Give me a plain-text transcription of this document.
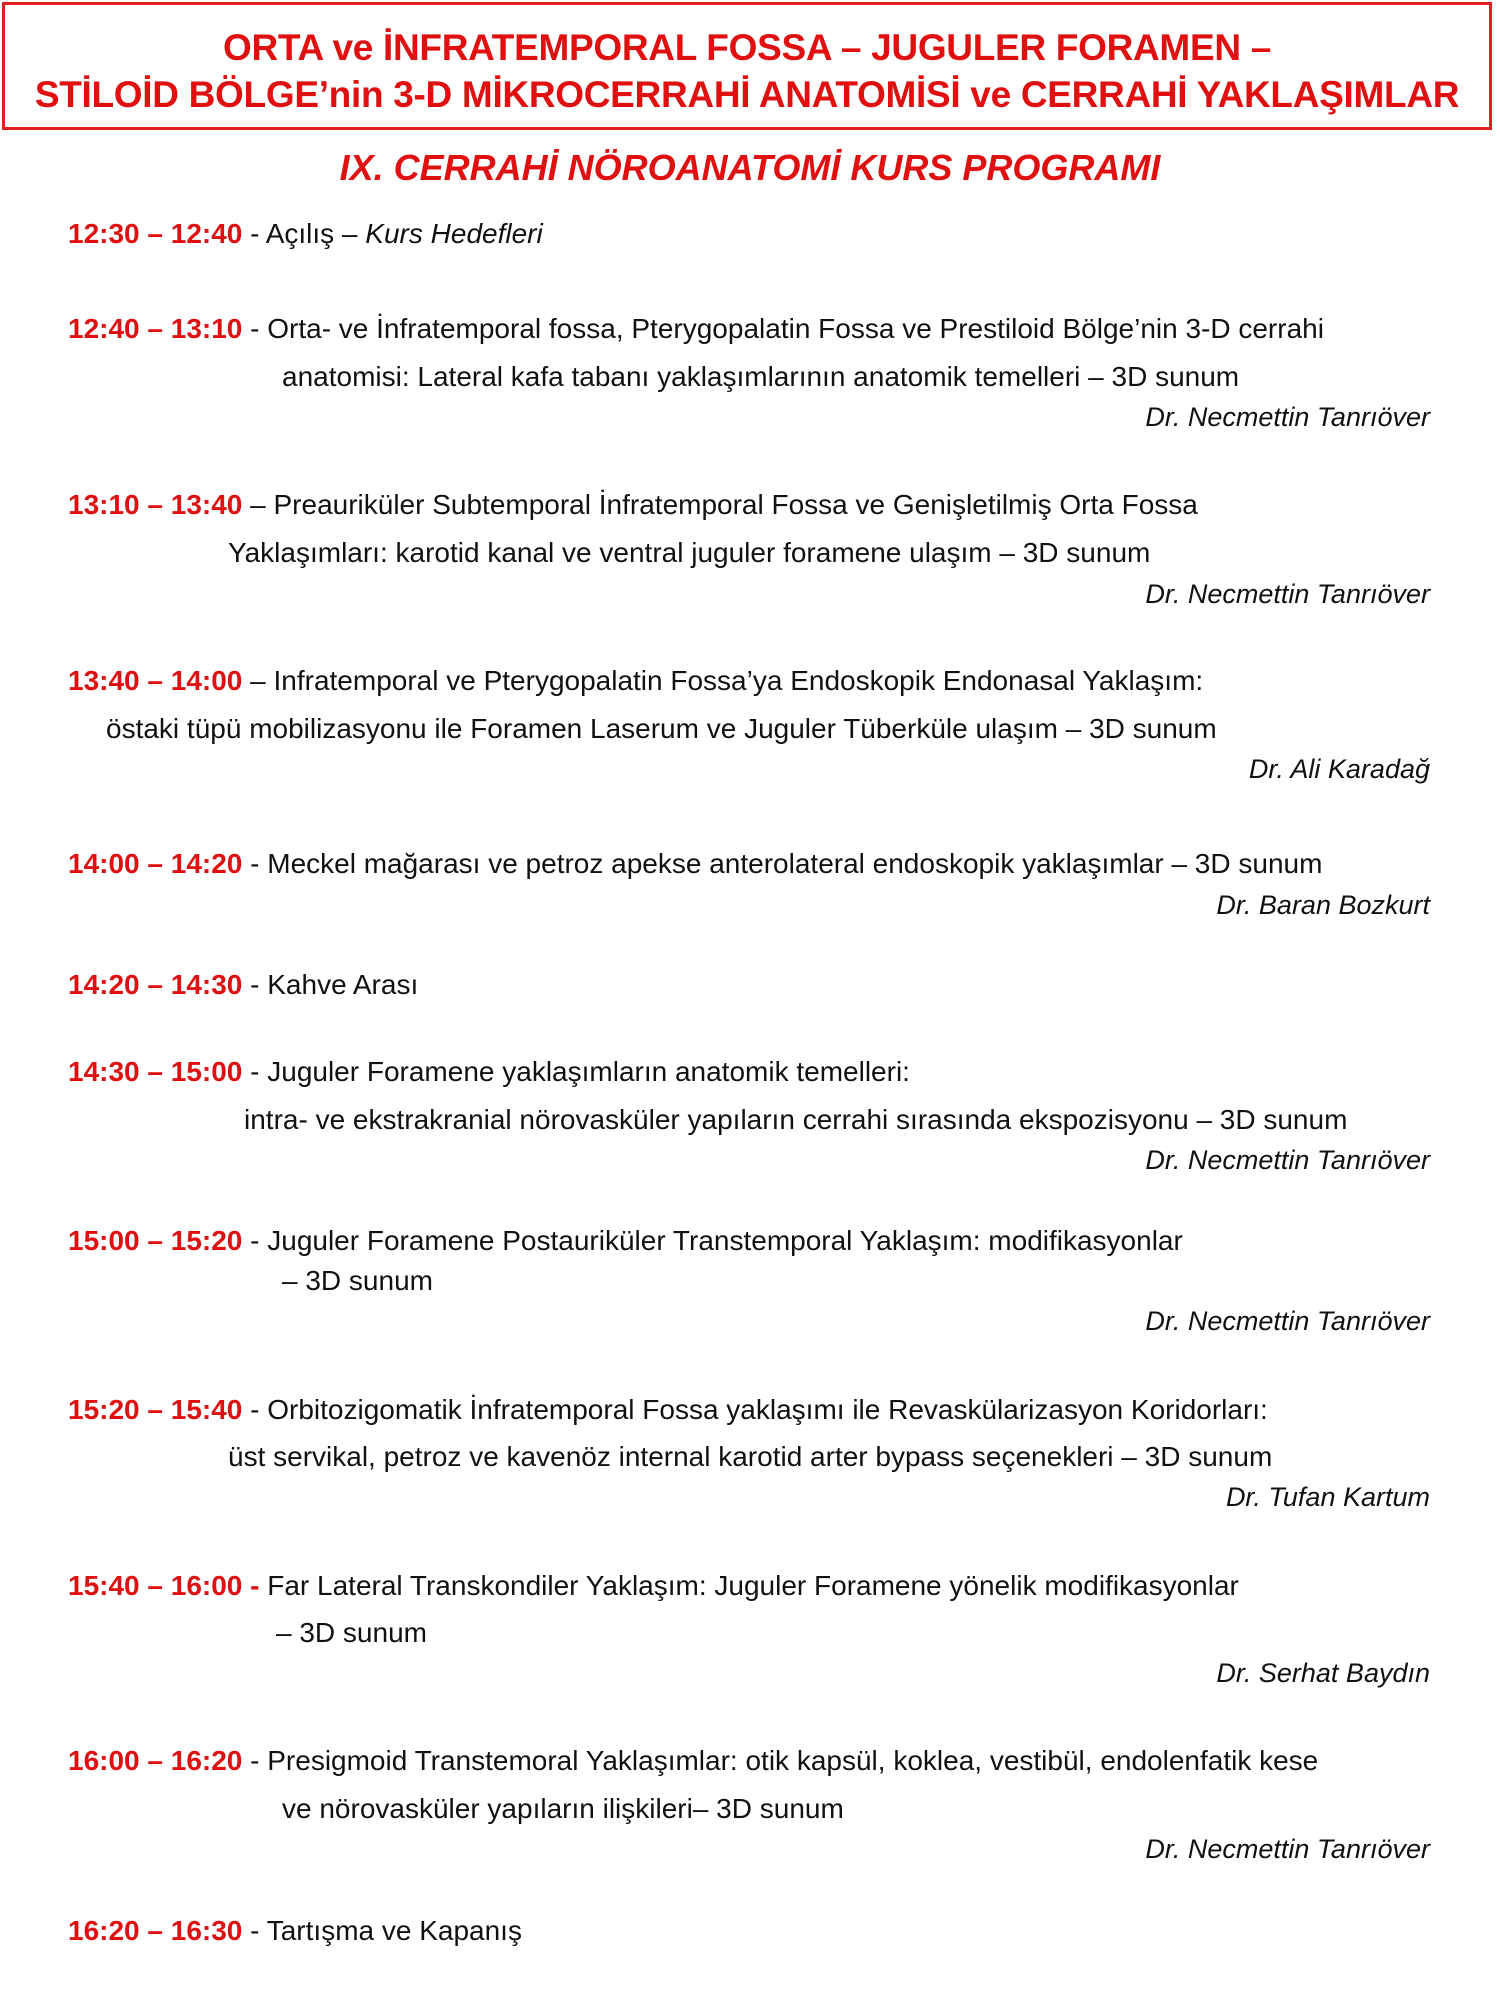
ORTA ve İNFRATEMPORAL FOSSA – JUGULER FORAMEN –
STİLOİD BÖLGE’nin 3-D MİKROCERRAHİ ANATOMİSİ ve CERRAHİ YAKLAŞIMLAR
IX. CERRAHİ NÖROANATOMİ KURS PROGRAMI
12:30 – 12:40 - Açılış – Kurs Hedefleri
12:40 – 13:10 - Orta- ve İnfratemporal fossa, Pterygopalatin Fossa ve Prestiloid Bölge’nin 3-D cerrahi
anatomisi: Lateral kafa tabanı yaklaşımlarının anatomik temelleri – 3D sunum
Dr. Necmettin Tanrıöver
13:10 – 13:40 – Preauriküler Subtemporal İnfratemporal Fossa ve Genişletilmiş Orta Fossa
Yaklaşımları: karotid kanal ve ventral juguler foramene ulaşım – 3D sunum
Dr. Necmettin Tanrıöver
13:40 – 14:00 – Infratemporal ve Pterygopalatin Fossa’ya Endoskopik Endonasal Yaklaşım:
östaki tüpü mobilizasyonu ile Foramen Laserum ve Juguler Tüberküle ulaşım – 3D sunum
Dr. Ali Karadağ
14:00 – 14:20 - Meckel mağarası ve petroz apekse anterolateral endoskopik yaklaşımlar – 3D sunum
Dr. Baran Bozkurt
14:20 – 14:30 - Kahve Arası
14:30 – 15:00 - Juguler Foramene yaklaşımların anatomik temelleri:
intra- ve ekstrakranial nörovasküler yapıların cerrahi sırasında ekspozisyonu – 3D sunum
Dr. Necmettin Tanrıöver
15:00 – 15:20 - Juguler Foramene Postauriküler Transtemporal Yaklaşım: modifikasyonlar
– 3D sunum
Dr. Necmettin Tanrıöver
15:20 – 15:40 - Orbitozigomatik İnfratemporal Fossa yaklaşımı ile Revaskülarizasyon Koridorları:
üst servikal, petroz ve kavenöz internal karotid arter bypass seçenekleri – 3D sunum
Dr. Tufan Kartum
15:40 – 16:00 - Far Lateral Transkondiler Yaklaşım: Juguler Foramene yönelik modifikasyonlar
– 3D sunum
Dr. Serhat Baydın
16:00 – 16:20 - Presigmoid Transtemoral Yaklaşımlar: otik kapsül, koklea, vestibül, endolenfatik kese
ve nörovasküler yapıların ilişkileri– 3D sunum
Dr. Necmettin Tanrıöver
16:20 – 16:30 - Tartışma ve Kapanış
